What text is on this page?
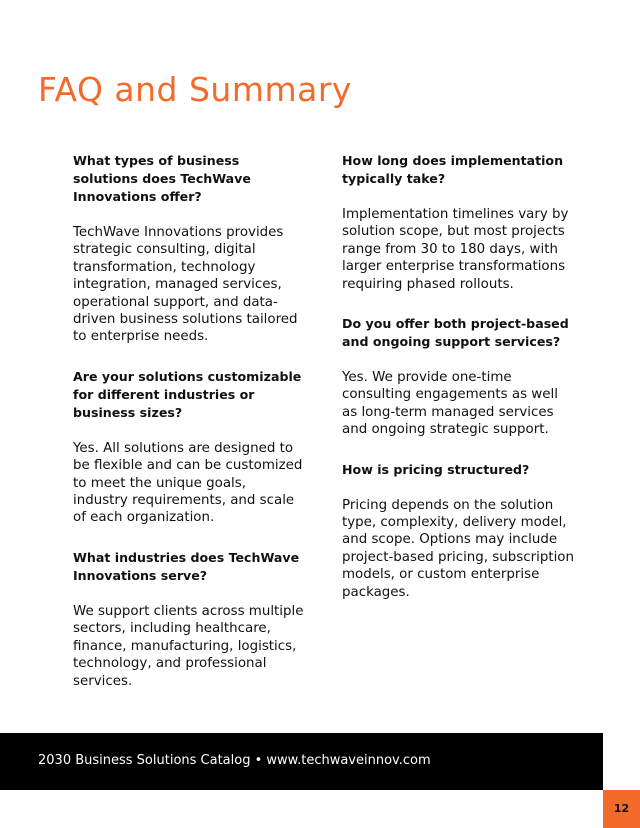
FAQ and Summary

What types of business solutions does TechWave Innovations offer?

TechWave Innovations provides strategic consulting, digital transformation, technology integration, managed services, operational support, and data-driven business solutions tailored to enterprise needs.

Are your solutions customizable for different industries or business sizes?

Yes. All solutions are designed to be flexible and can be customized to meet the unique goals, industry requirements, and scale of each organization.

What industries does TechWave Innovations serve?

We support clients across multiple sectors, including healthcare, finance, manufacturing, logistics, technology, and professional services.

How long does implementation typically take?

Implementation timelines vary by solution scope, but most projects range from 30 to 180 days, with larger enterprise transformations requiring phased rollouts.

Do you offer both project-based and ongoing support services?

Yes. We provide one-time consulting engagements as well as long-term managed services and ongoing strategic support.

How is pricing structured?

Pricing depends on the solution type, complexity, delivery model, and scope. Options may include project-based pricing, subscription models, or custom enterprise packages.

2030 Business Solutions Catalog • www.techwaveinnov.com
12
